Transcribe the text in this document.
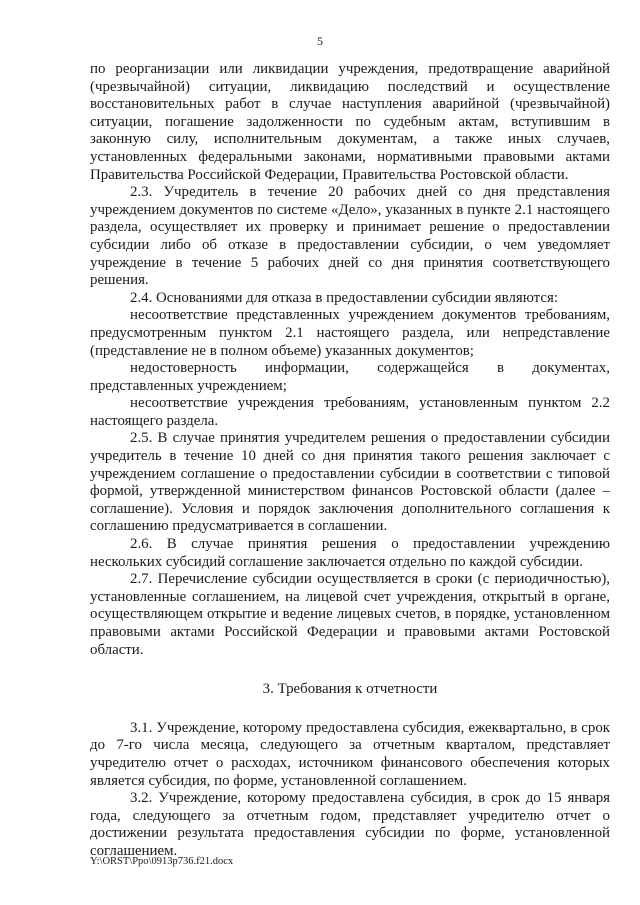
5

по реорганизации или ликвидации учреждения, предотвращение аварийной (чрезвычайной) ситуации, ликвидацию последствий и осуществление восстановительных работ в случае наступления аварийной (чрезвычайной) ситуации, погашение задолженности по судебным актам, вступившим в законную силу, исполнительным документам, а также иных случаев, установленных федеральными законами, нормативными правовыми актами Правительства Российской Федерации, Правительства Ростовской области.

2.3. Учредитель в течение 20 рабочих дней со дня представления учреждением документов по системе «Дело», указанных в пункте 2.1 настоящего раздела, осуществляет их проверку и принимает решение о предоставлении субсидии либо об отказе в предоставлении субсидии, о чем уведомляет учреждение в течение 5 рабочих дней со дня принятия соответствующего решения.

2.4. Основаниями для отказа в предоставлении субсидии являются:

несоответствие представленных учреждением документов требованиям, предусмотренным пунктом 2.1 настоящего раздела, или непредставление (представление не в полном объеме) указанных документов;

недостоверность информации, содержащейся в документах, представленных учреждением;

несоответствие учреждения требованиям, установленным пунктом 2.2 настоящего раздела.

2.5. В случае принятия учредителем решения о предоставлении субсидии учредитель в течение 10 дней со дня принятия такого решения заключает с учреждением соглашение о предоставлении субсидии в соответствии с типовой формой, утвержденной министерством финансов Ростовской области (далее – соглашение). Условия и порядок заключения дополнительного соглашения к соглашению предусматривается в соглашении.

2.6. В случае принятия решения о предоставлении учреждению нескольких субсидий соглашение заключается отдельно по каждой субсидии.

2.7. Перечисление субсидии осуществляется в сроки (с периодичностью), установленные соглашением, на лицевой счет учреждения, открытый в органе, осуществляющем открытие и ведение лицевых счетов, в порядке, установленном правовыми актами Российской Федерации и правовыми актами Ростовской области.

3. Требования к отчетности

3.1. Учреждение, которому предоставлена субсидия, ежеквартально, в срок до 7-го числа месяца, следующего за отчетным кварталом, представляет учредителю отчет о расходах, источником финансового обеспечения которых является субсидия, по форме, установленной соглашением.

3.2. Учреждение, которому предоставлена субсидия, в срок до 15 января года, следующего за отчетным годом, представляет учредителю отчет о достижении результата предоставления субсидии по форме, установленной соглашением.

Y:\ORST\Ppo\0913p736.f21.docx
